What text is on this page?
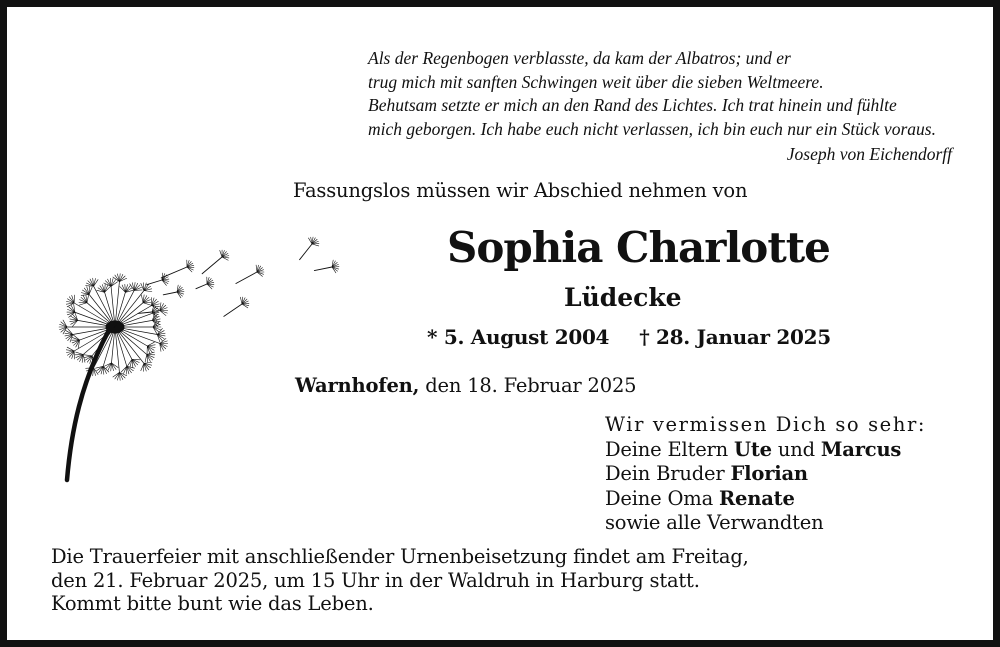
Als der Regenbogen verblasste, da kam der Albatros; und er
trug mich mit sanften Schwingen weit über die sieben Weltmeere.
Behutsam setzte er mich an den Rand des Lichtes. Ich trat hinein und fühlte
mich geborgen. Ich habe euch nicht verlassen, ich bin euch nur ein Stück voraus.
Joseph von Eichendorff
Fassungslos müssen wir Abschied nehmen von
Sophia Charlotte
Lüdecke
* 5. August 2004 † 28. Januar 2025
Warnhofen, den 18. Februar 2025
Wir vermissen Dich so sehr:
Deine Eltern Ute und Marcus
Dein Bruder Florian
Deine Oma Renate
sowie alle Verwandten
Die Trauerfeier mit anschließender Urnenbeisetzung findet am Freitag,
den 21. Februar 2025, um 15 Uhr in der Waldruh in Harburg statt.
Kommt bitte bunt wie das Leben.
